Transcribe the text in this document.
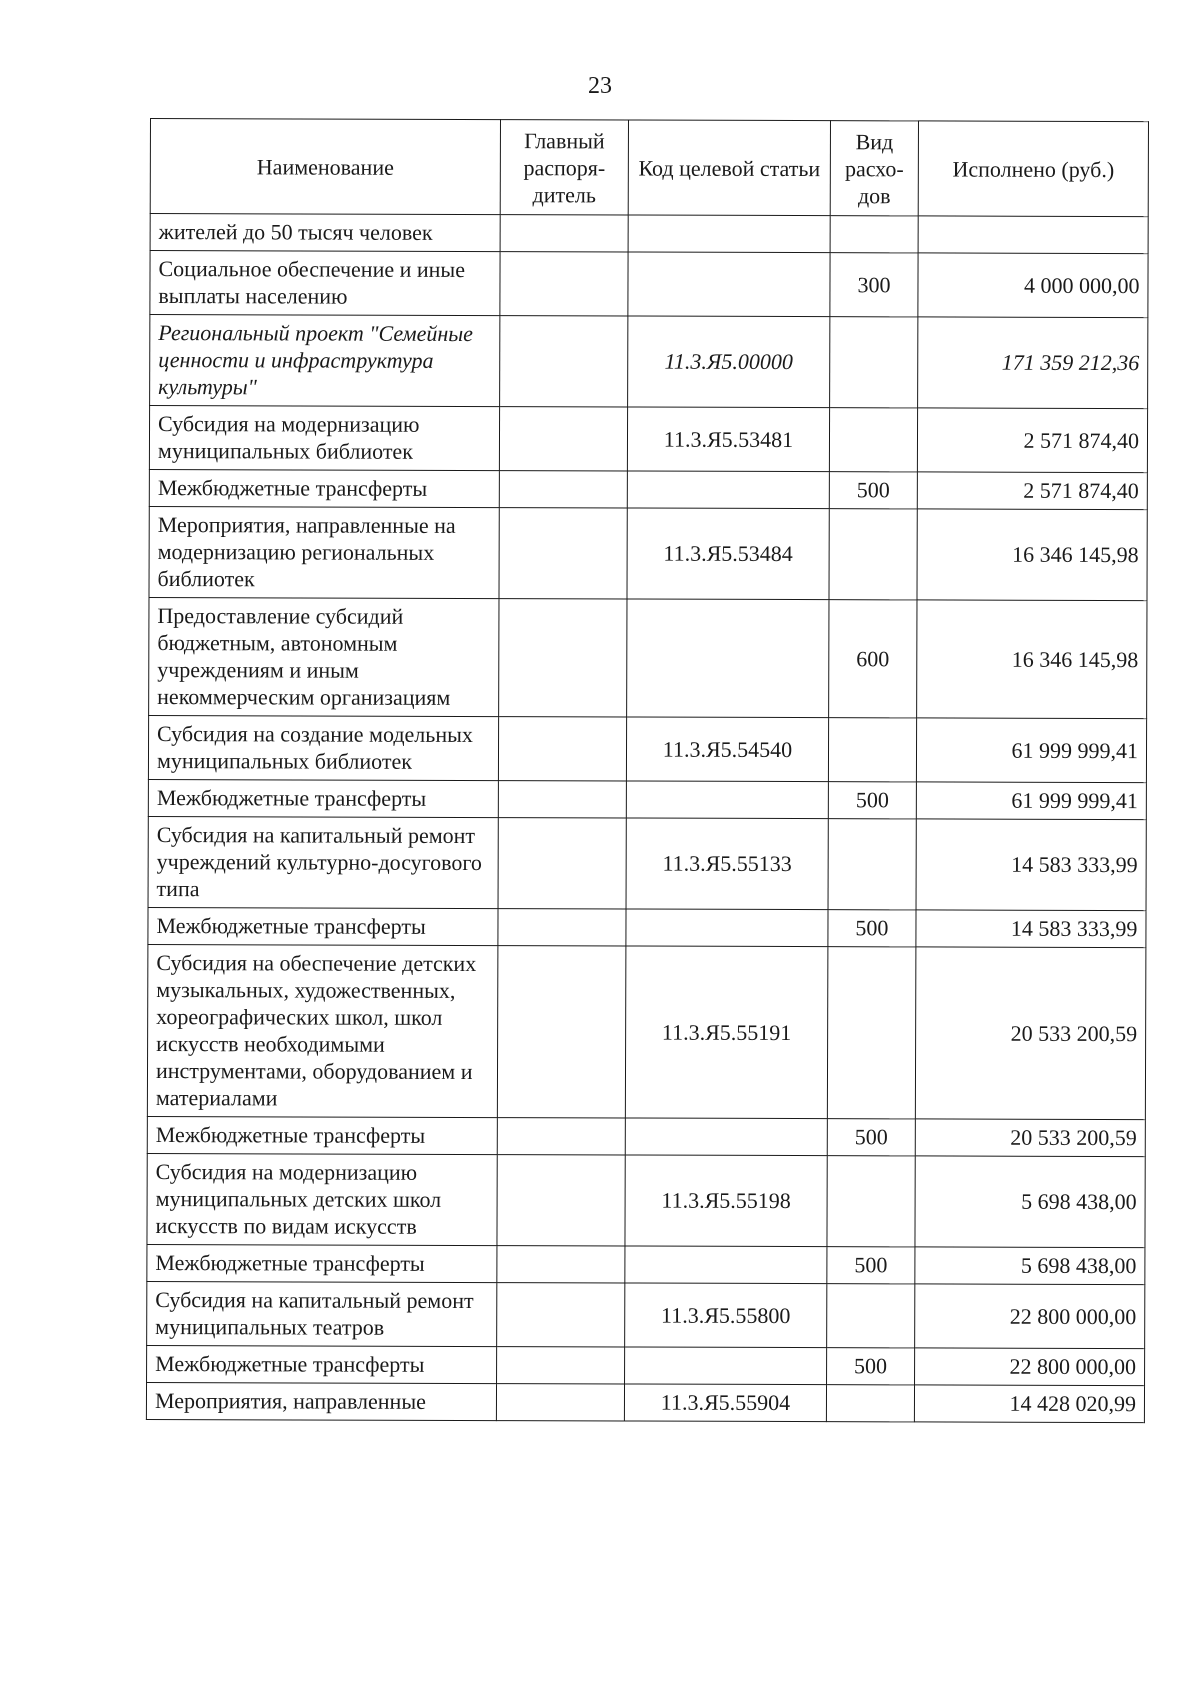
23
Наименование	Главный распоря-дитель	Код целевой статьи	Вид расхо-дов	Исполнено (руб.)
жителей до 50 тысяч человек				
Социальное обеспечение и иные выплаты населению			300	4 000 000,00
Региональный проект "Семейные ценности и инфраструктура культуры"		11.3.Я5.00000		171 359 212,36
Субсидия на модернизацию муниципальных библиотек		11.3.Я5.53481		2 571 874,40
Межбюджетные трансферты			500	2 571 874,40
Мероприятия, направленные на модернизацию региональных библиотек		11.3.Я5.53484		16 346 145,98
Предоставление субсидий бюджетным, автономным учреждениям и иным некоммерческим организациям			600	16 346 145,98
Субсидия на создание модельных муниципальных библиотек		11.3.Я5.54540		61 999 999,41
Межбюджетные трансферты			500	61 999 999,41
Субсидия на капитальный ремонт учреждений культурно-досугового типа		11.3.Я5.55133		14 583 333,99
Межбюджетные трансферты			500	14 583 333,99
Субсидия на обеспечение детских музыкальных, художественных, хореографических школ, школ искусств необходимыми инструментами, оборудованием и материалами		11.3.Я5.55191		20 533 200,59
Межбюджетные трансферты			500	20 533 200,59
Субсидия на модернизацию муниципальных детских школ искусств по видам искусств		11.3.Я5.55198		5 698 438,00
Межбюджетные трансферты			500	5 698 438,00
Субсидия на капитальный ремонт муниципальных театров		11.3.Я5.55800		22 800 000,00
Межбюджетные трансферты			500	22 800 000,00
Мероприятия, направленные		11.3.Я5.55904		14 428 020,99
